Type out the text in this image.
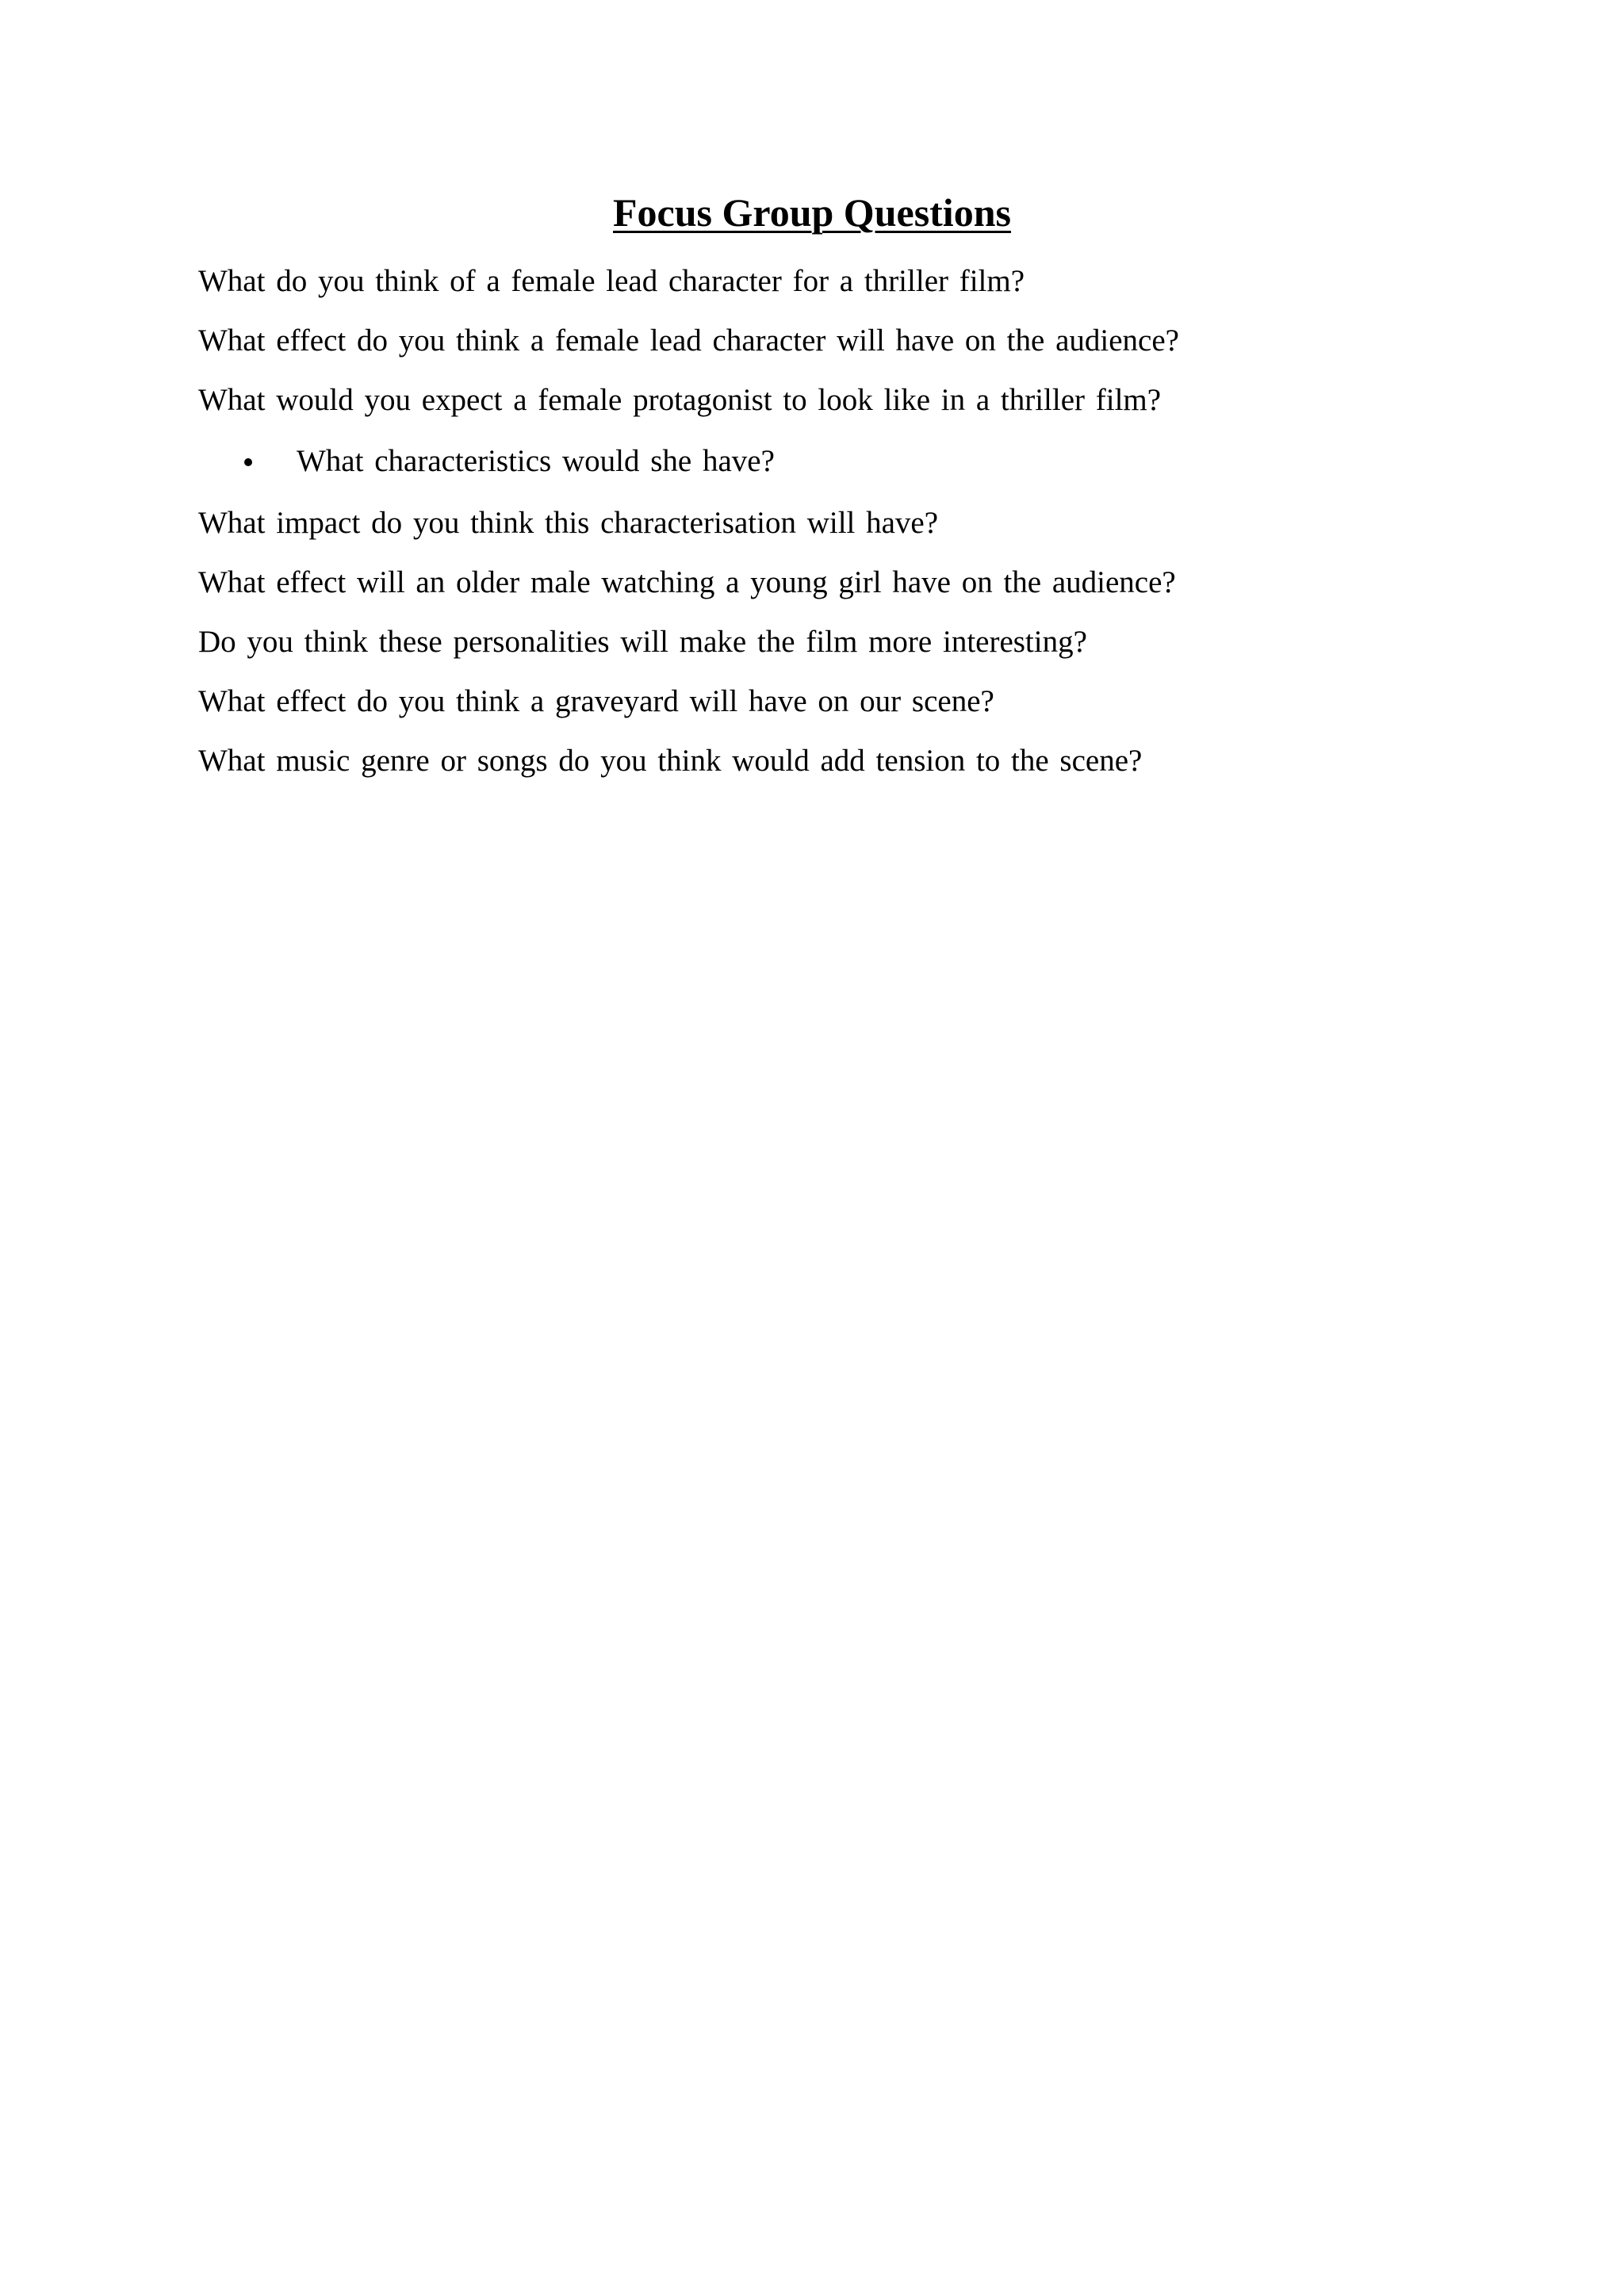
Focus Group Questions
What do you think of a female lead character for a thriller film?
What effect do you think a female lead character will have on the audience?
What would you expect a female protagonist to look like in a thriller film?
What characteristics would she have?
What impact do you think this characterisation will have?
What effect will an older male watching a young girl have on the audience?
Do you think these personalities will make the film more interesting?
What effect do you think a graveyard will have on our scene?
What music genre or songs do you think would add tension to the scene?
